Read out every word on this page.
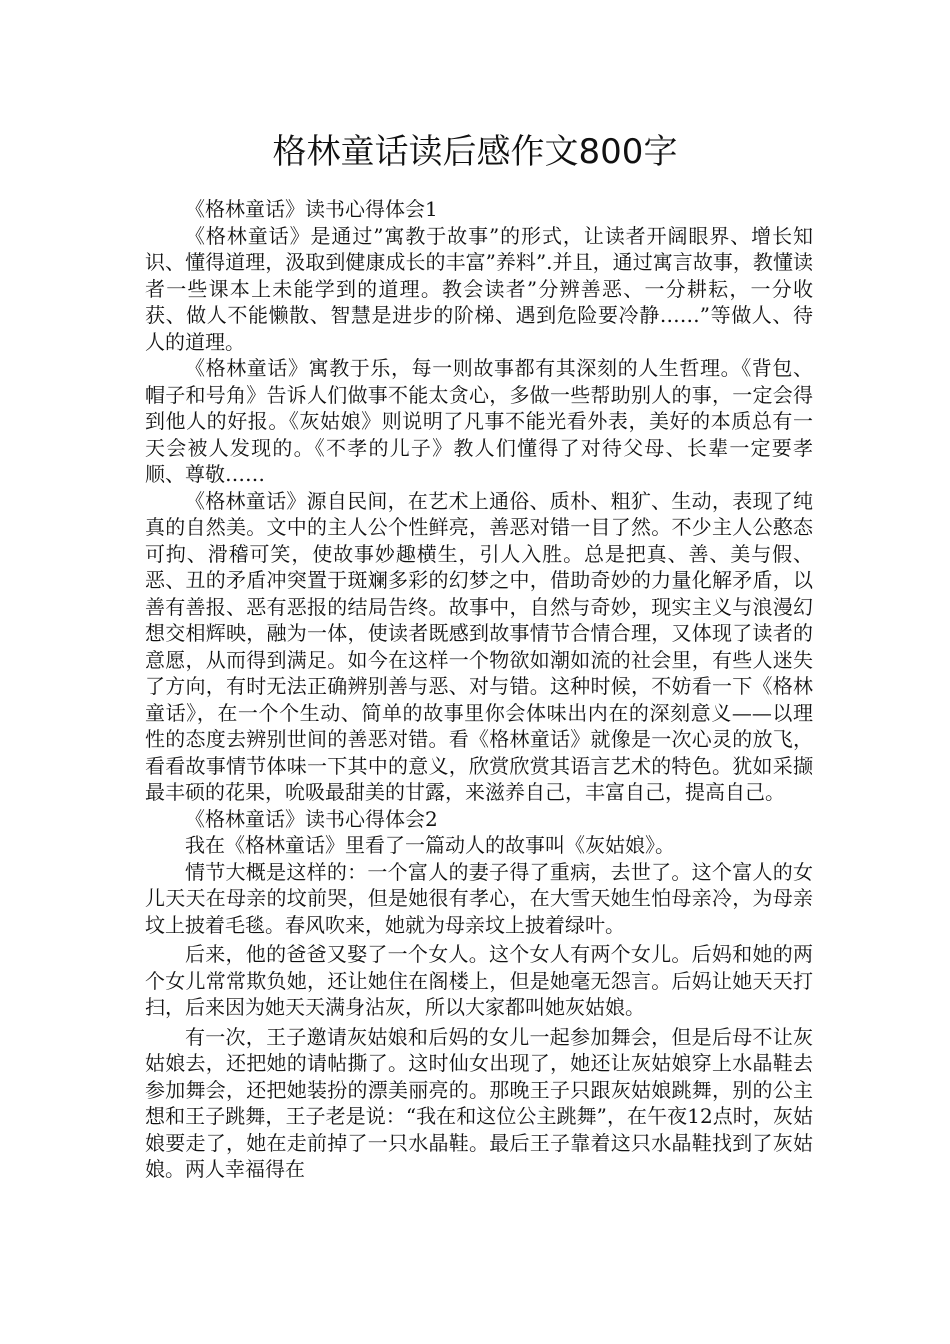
格林童话读后感作文800字

《格林童话》读书心得体会1

《格林童话》是通过”寓教于故事”的形式，让读者开阔眼界、增长知识、懂得道理，汲取到健康成长的丰富”养料”.并且，通过寓言故事，教懂读者一些课本上未能学到的道理。教会读者”分辨善恶、一分耕耘，一分收获、做人不能懒散、智慧是进步的阶梯、遇到危险要冷静……”等做人、待人的道理。

《格林童话》寓教于乐，每一则故事都有其深刻的人生哲理。《背包、帽子和号角》告诉人们做事不能太贪心，多做一些帮助别人的事，一定会得到他人的好报。《灰姑娘》则说明了凡事不能光看外表，美好的本质总有一天会被人发现的。《不孝的儿子》教人们懂得了对待父母、长辈一定要孝顺、尊敬……

《格林童话》源自民间，在艺术上通俗、质朴、粗犷、生动，表现了纯真的自然美。文中的主人公个性鲜亮，善恶对错一目了然。不少主人公憨态可拘、滑稽可笑，使故事妙趣横生，引人入胜。总是把真、善、美与假、恶、丑的矛盾冲突置于斑斓多彩的幻梦之中，借助奇妙的力量化解矛盾，以善有善报、恶有恶报的结局告终。故事中，自然与奇妙，现实主义与浪漫幻想交相辉映，融为一体，使读者既感到故事情节合情合理，又体现了读者的意愿，从而得到满足。如今在这样一个物欲如潮如流的社会里，有些人迷失了方向，有时无法正确辨别善与恶、对与错。这种时候，不妨看一下《格林童话》，在一个个生动、简单的故事里你会体味出内在的深刻意义——以理性的态度去辨别世间的善恶对错。看《格林童话》就像是一次心灵的放飞，看看故事情节体味一下其中的意义，欣赏欣赏其语言艺术的特色。犹如采撷最丰硕的花果，吮吸最甜美的甘露，来滋养自己，丰富自己，提高自己。

《格林童话》读书心得体会2

我在《格林童话》里看了一篇动人的故事叫《灰姑娘》。

情节大概是这样的：一个富人的妻子得了重病，去世了。这个富人的女儿天天在母亲的坟前哭，但是她很有孝心，在大雪天她生怕母亲冷，为母亲坟上披着毛毯。春风吹来，她就为母亲坟上披着绿叶。

后来，他的爸爸又娶了一个女人。这个女人有两个女儿。后妈和她的两个女儿常常欺负她，还让她住在阁楼上，但是她毫无怨言。后妈让她天天打扫，后来因为她天天满身沾灰，所以大家都叫她灰姑娘。

有一次，王子邀请灰姑娘和后妈的女儿一起参加舞会，但是后母不让灰姑娘去，还把她的请帖撕了。这时仙女出现了，她还让灰姑娘穿上水晶鞋去参加舞会，还把她装扮的漂美丽亮的。那晚王子只跟灰姑娘跳舞，别的公主想和王子跳舞，王子老是说：“我在和这位公主跳舞”，在午夜12点时，灰姑娘要走了，她在走前掉了一只水晶鞋。最后王子靠着这只水晶鞋找到了灰姑娘。两人幸福得在
